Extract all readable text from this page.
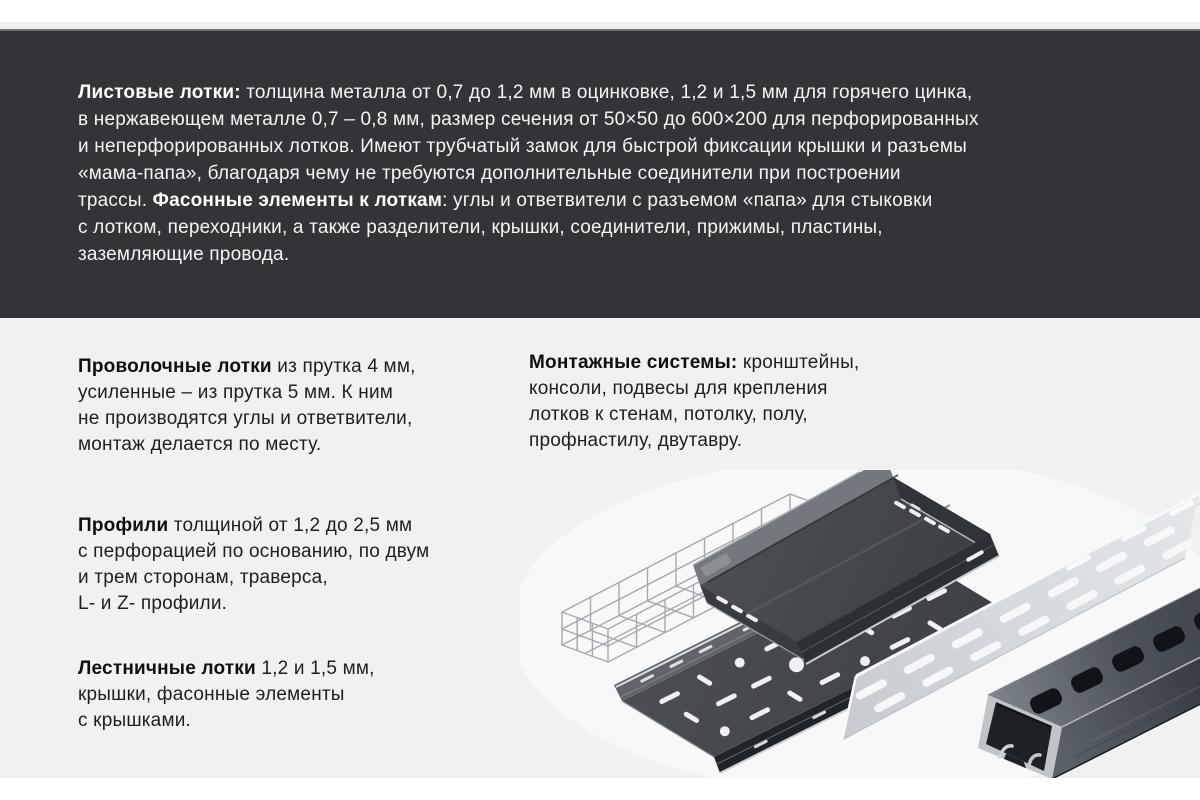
Листовые лотки: толщина металла от 0,7 до 1,2 мм в оцинковке, 1,2 и 1,5 мм для горячего цинка,
в нержавеющем металле 0,7 – 0,8 мм, размер сечения от 50×50 до 600×200 для перфорированных
и неперфорированных лотков. Имеют трубчатый замок для быстрой фиксации крышки и разъемы
«мама-папа», благодаря чему не требуются дополнительные соединители при построении
трассы. Фасонные элементы к лоткам: углы и ответвители с разъемом «папа» для стыковки
с лотком, переходники, а также разделители, крышки, соединители, прижимы, пластины,
заземляющие провода.
Проволочные лотки из прутка 4 мм,
усиленные – из прутка 5 мм. К ним
не производятся углы и ответвители,
монтаж делается по месту.
Монтажные системы: кронштейны,
консоли, подвесы для крепления
лотков к стенам, потолку, полу,
профнастилу, двутавру.
Профили толщиной от 1,2 до 2,5 мм
с перфорацией по основанию, по двум
и трем сторонам, траверса,
L- и Z- профили.
Лестничные лотки 1,2 и 1,5 мм,
крышки, фасонные элементы
с крышками.
